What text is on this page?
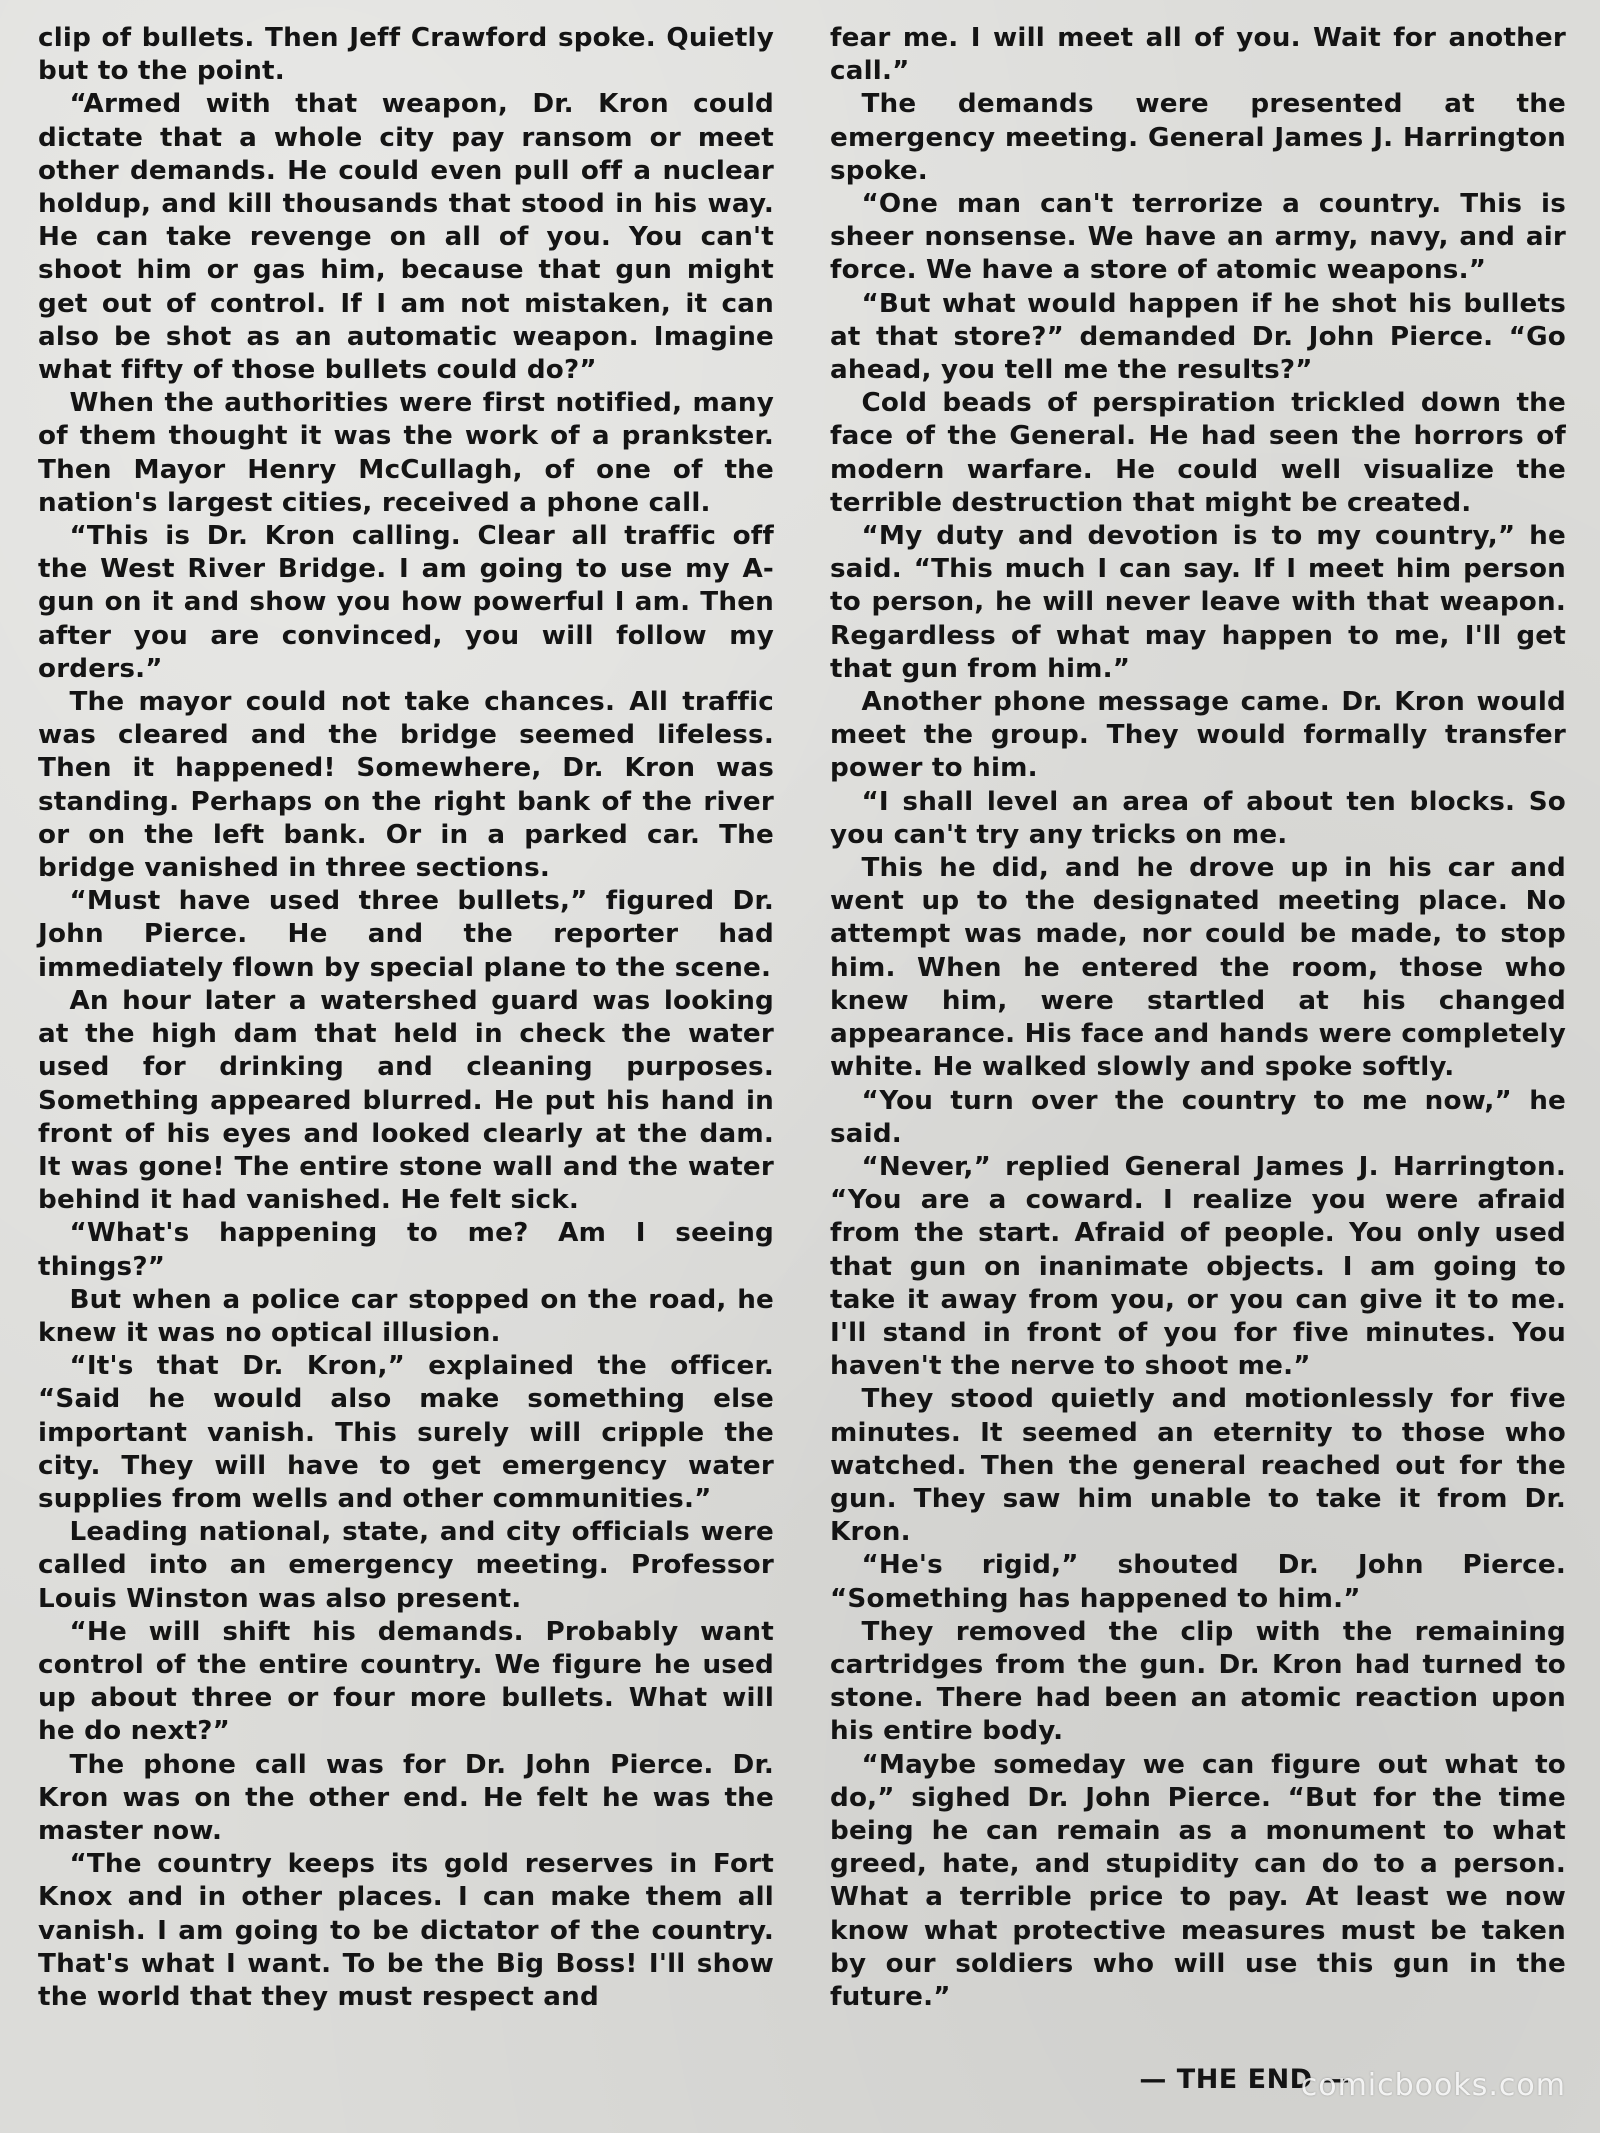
clip of bullets. Then Jeff Crawford spoke. Quietly but to the point.

“Armed with that weapon, Dr. Kron could dictate that a whole city pay ransom or meet other demands. He could even pull off a nuclear holdup, and kill thousands that stood in his way. He can take revenge on all of you. You can't shoot him or gas him, because that gun might get out of control. If I am not mistaken, it can also be shot as an automatic weapon. Imagine what fifty of those bullets could do?”

When the authorities were first notified, many of them thought it was the work of a prankster. Then Mayor Henry McCullagh, of one of the nation's largest cities, received a phone call.

“This is Dr. Kron calling. Clear all traffic off the West River Bridge. I am going to use my A-gun on it and show you how powerful I am. Then after you are convinced, you will follow my orders.”

The mayor could not take chances. All traffic was cleared and the bridge seemed lifeless. Then it happened! Somewhere, Dr. Kron was standing. Perhaps on the right bank of the river or on the left bank. Or in a parked car. The bridge vanished in three sections.

“Must have used three bullets,” figured Dr. John Pierce. He and the reporter had immediately flown by special plane to the scene.

An hour later a watershed guard was looking at the high dam that held in check the water used for drinking and cleaning purposes. Something appeared blurred. He put his hand in front of his eyes and looked clearly at the dam. It was gone! The entire stone wall and the water behind it had vanished. He felt sick.

“What's happening to me? Am I seeing things?”

But when a police car stopped on the road, he knew it was no optical illusion.

“It's that Dr. Kron,” explained the officer. “Said he would also make something else important vanish. This surely will cripple the city. They will have to get emergency water supplies from wells and other communities.”

Leading national, state, and city officials were called into an emergency meeting. Professor Louis Winston was also present.

“He will shift his demands. Probably want control of the entire country. We figure he used up about three or four more bullets. What will he do next?”

The phone call was for Dr. John Pierce. Dr. Kron was on the other end. He felt he was the master now.

“The country keeps its gold reserves in Fort Knox and in other places. I can make them all vanish. I am going to be dictator of the country. That's what I want. To be the Big Boss! I'll show the world that they must respect and

fear me. I will meet all of you. Wait for another call.”

The demands were presented at the emergency meeting. General James J. Harrington spoke.

“One man can't terrorize a country. This is sheer nonsense. We have an army, navy, and air force. We have a store of atomic weapons.”

“But what would happen if he shot his bullets at that store?” demanded Dr. John Pierce. “Go ahead, you tell me the results?”

Cold beads of perspiration trickled down the face of the General. He had seen the horrors of modern warfare. He could well visualize the terrible destruction that might be created.

“My duty and devotion is to my country,” he said. “This much I can say. If I meet him person to person, he will never leave with that weapon. Regardless of what may happen to me, I'll get that gun from him.”

Another phone message came. Dr. Kron would meet the group. They would formally transfer power to him.

“I shall level an area of about ten blocks. So you can't try any tricks on me.

This he did, and he drove up in his car and went up to the designated meeting place. No attempt was made, nor could be made, to stop him. When he entered the room, those who knew him, were startled at his changed appearance. His face and hands were completely white. He walked slowly and spoke softly.

“You turn over the country to me now,” he said.

“Never,” replied General James J. Harrington. “You are a coward. I realize you were afraid from the start. Afraid of people. You only used that gun on inanimate objects. I am going to take it away from you, or you can give it to me. I'll stand in front of you for five minutes. You haven't the nerve to shoot me.”

They stood quietly and motionlessly for five minutes. It seemed an eternity to those who watched. Then the general reached out for the gun. They saw him unable to take it from Dr. Kron.

“He's rigid,” shouted Dr. John Pierce. “Something has happened to him.”

They removed the clip with the remaining cartridges from the gun. Dr. Kron had turned to stone. There had been an atomic reaction upon his entire body.

“Maybe someday we can figure out what to do,” sighed Dr. John Pierce. “But for the time being he can remain as a monument to what greed, hate, and stupidity can do to a person. What a terrible price to pay. At least we now know what protective measures must be taken by our soldiers who will use this gun in the future.”

— THE END —
comicbooks.com
